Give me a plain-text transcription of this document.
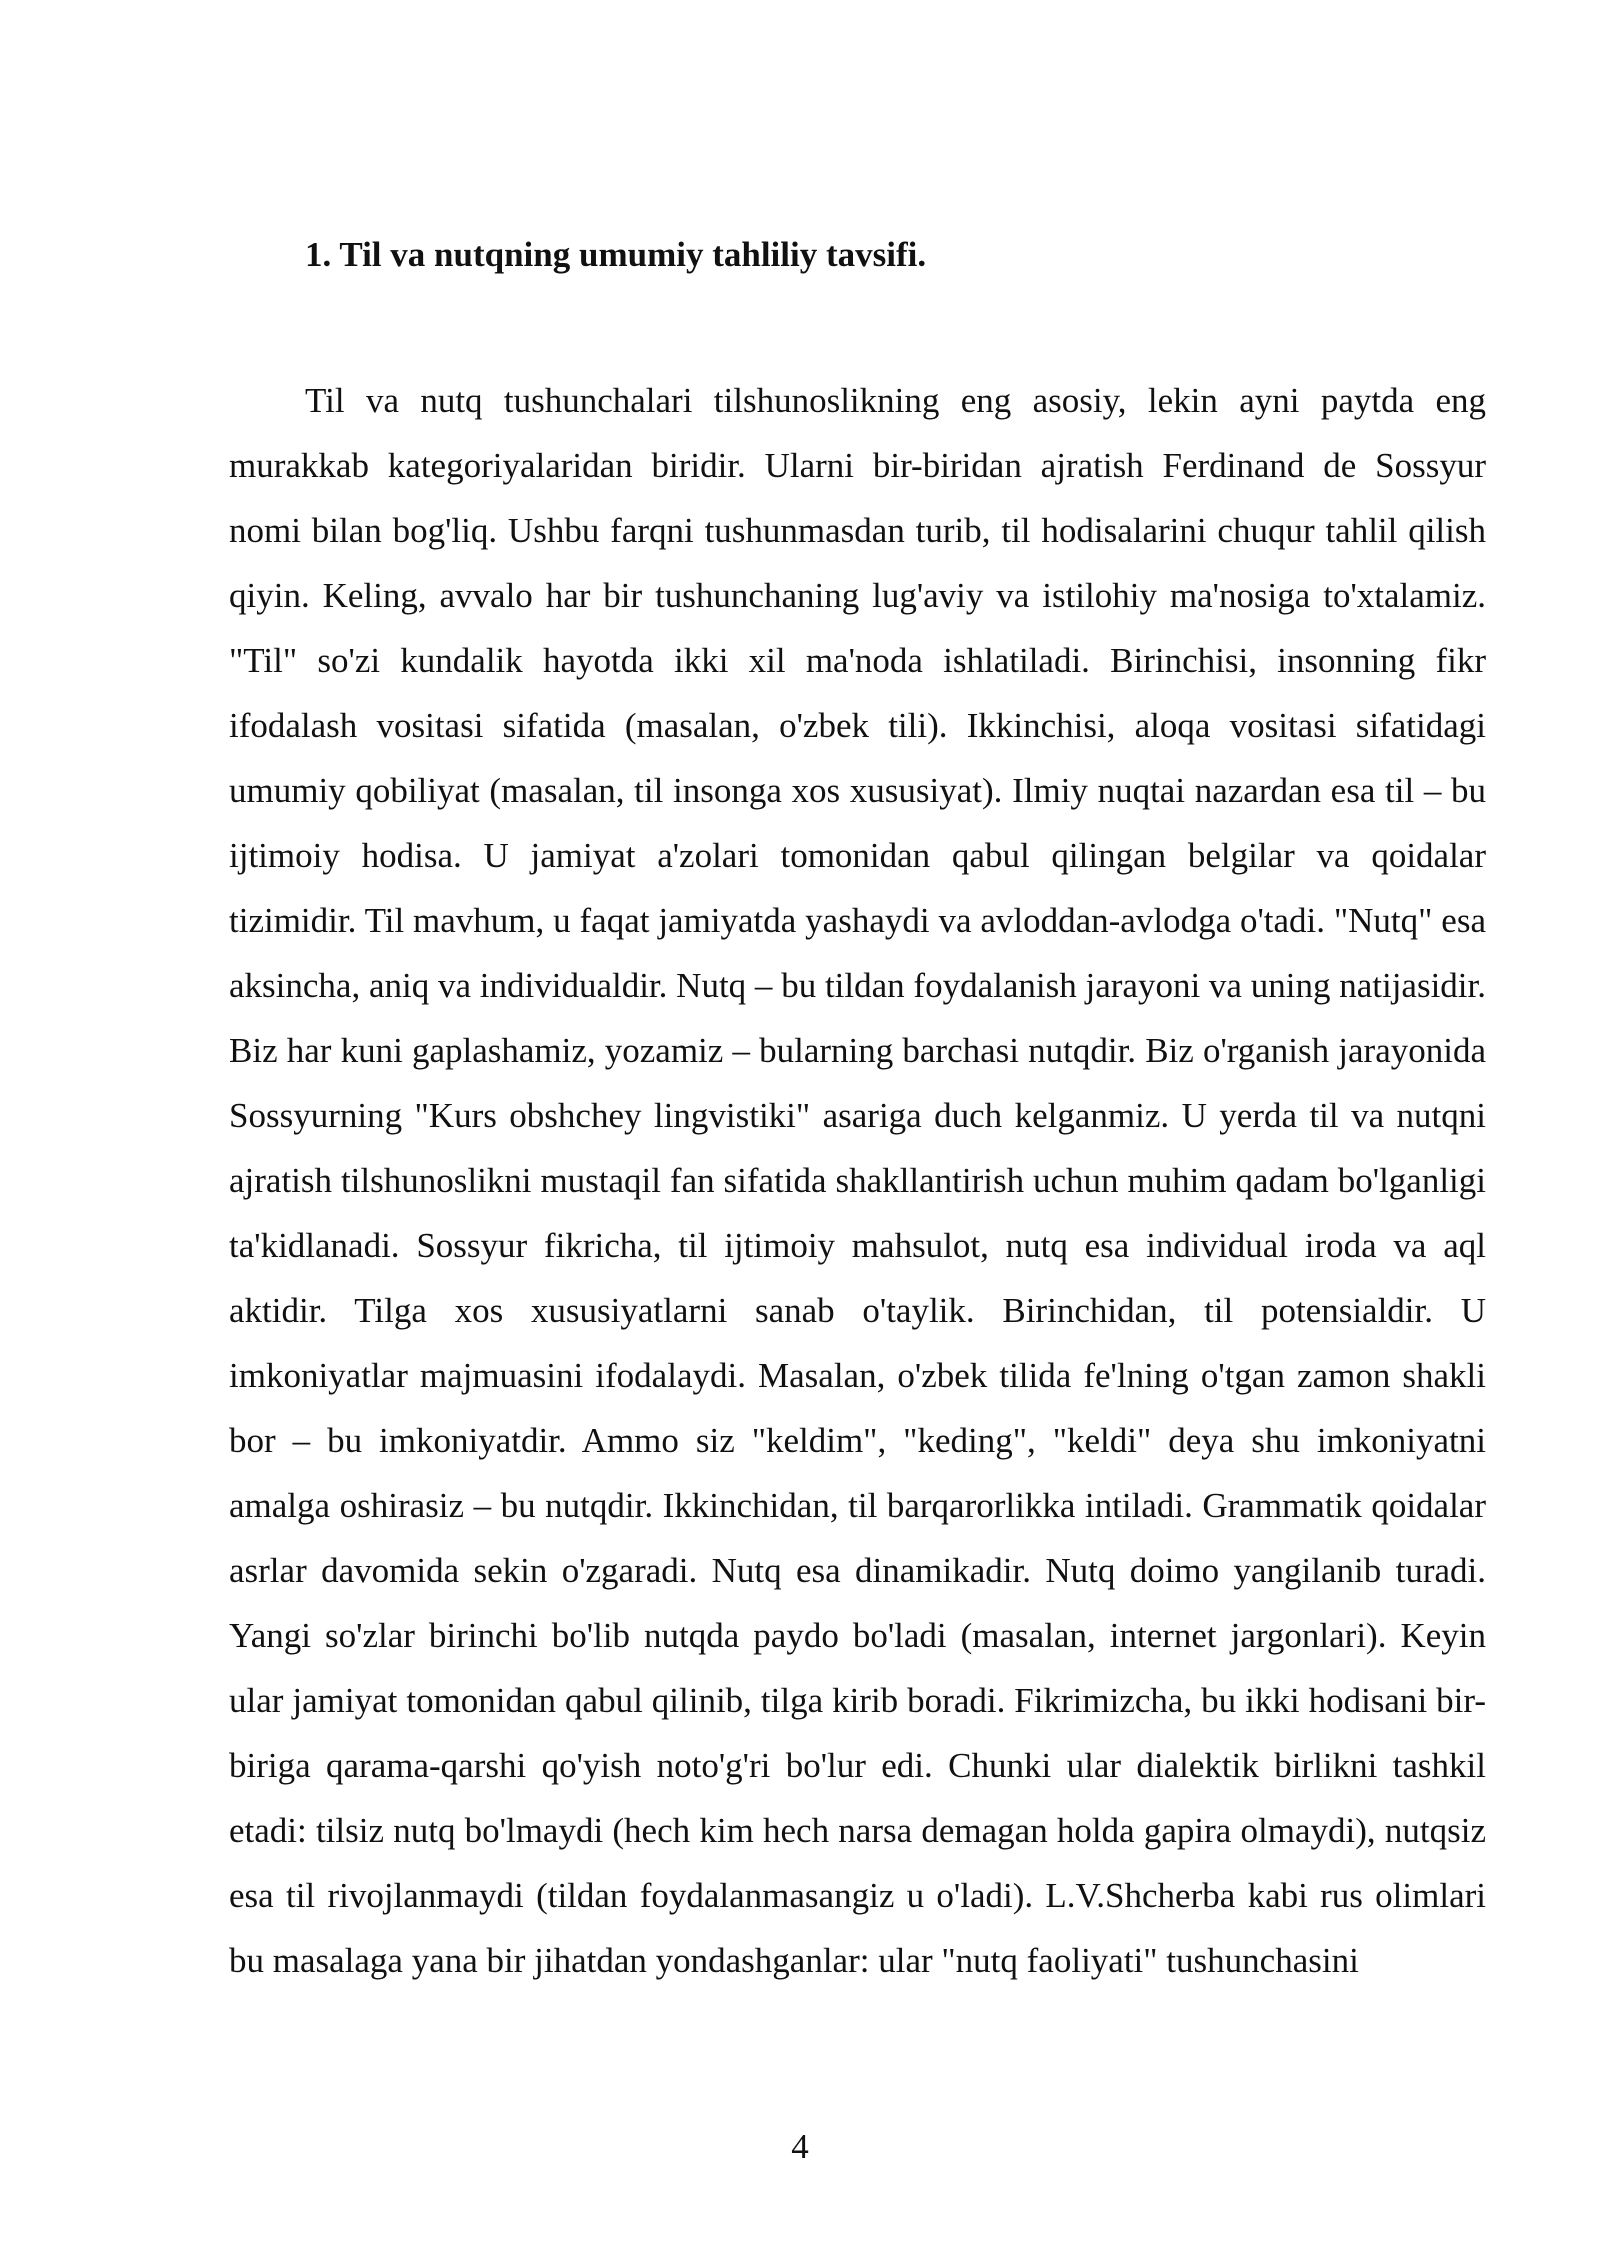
1. Til va nutqning umumiy tahliliy tavsifi.

Til va nutq tushunchalari tilshunoslikning eng asosiy, lekin ayni paytda eng murakkab kategoriyalaridan biridir. Ularni bir-biridan ajratish Ferdinand de Sossyur nomi bilan bog'liq. Ushbu farqni tushunmasdan turib, til hodisalarini chuqur tahlil qilish qiyin. Keling, avvalo har bir tushunchaning lug'aviy va istilohiy ma'nosiga to'xtalamiz. "Til" so'zi kundalik hayotda ikki xil ma'noda ishlatiladi. Birinchisi, insonning fikr ifodalash vositasi sifatida (masalan, o'zbek tili). Ikkinchisi, aloqa vositasi sifatidagi umumiy qobiliyat (masalan, til insonga xos xususiyat). Ilmiy nuqtai nazardan esa til – bu ijtimoiy hodisa. U jamiyat a'zolari tomonidan qabul qilingan belgilar va qoidalar tizimidir. Til mavhum, u faqat jamiyatda yashaydi va avloddan-avlodga o'tadi. "Nutq" esa aksincha, aniq va individualdir. Nutq – bu tildan foydalanish jarayoni va uning natijasidir. Biz har kuni gaplashamiz, yozamiz – bularning barchasi nutqdir. Biz o'rganish jarayonida Sossyurning "Kurs obshchey lingvistiki" asariga duch kelganmiz. U yerda til va nutqni ajratish tilshunoslikni mustaqil fan sifatida shakllantirish uchun muhim qadam bo'lganligi ta'kidlanadi. Sossyur fikricha, til ijtimoiy mahsulot, nutq esa individual iroda va aql aktidir. Tilga xos xususiyatlarni sanab o'taylik. Birinchidan, til potensialdir. U imkoniyatlar majmuasini ifodalaydi. Masalan, o'zbek tilida fe'lning o'tgan zamon shakli bor – bu imkoniyatdir. Ammo siz "keldim", "keding", "keldi" deya shu imkoniyatni amalga oshirasiz – bu nutqdir. Ikkinchidan, til barqarorlikka intiladi. Grammatik qoidalar asrlar davomida sekin o'zgaradi. Nutq esa dinamikadir. Nutq doimo yangilanib turadi. Yangi so'zlar birinchi bo'lib nutqda paydo bo'ladi (masalan, internet jargonlari). Keyin ular jamiyat tomonidan qabul qilinib, tilga kirib boradi. Fikrimizcha, bu ikki hodisani bir-biriga qarama-qarshi qo'yish noto'g'ri bo'lur edi. Chunki ular dialektik birlikni tashkil etadi: tilsiz nutq bo'lmaydi (hech kim hech narsa demagan holda gapira olmaydi), nutqsiz esa til rivojlanmaydi (tildan foydalanmasangiz u o'ladi). L.V.Shcherba kabi rus olimlari bu masalaga yana bir jihatdan yondashganlar: ular "nutq faoliyati" tushunchasini

4
